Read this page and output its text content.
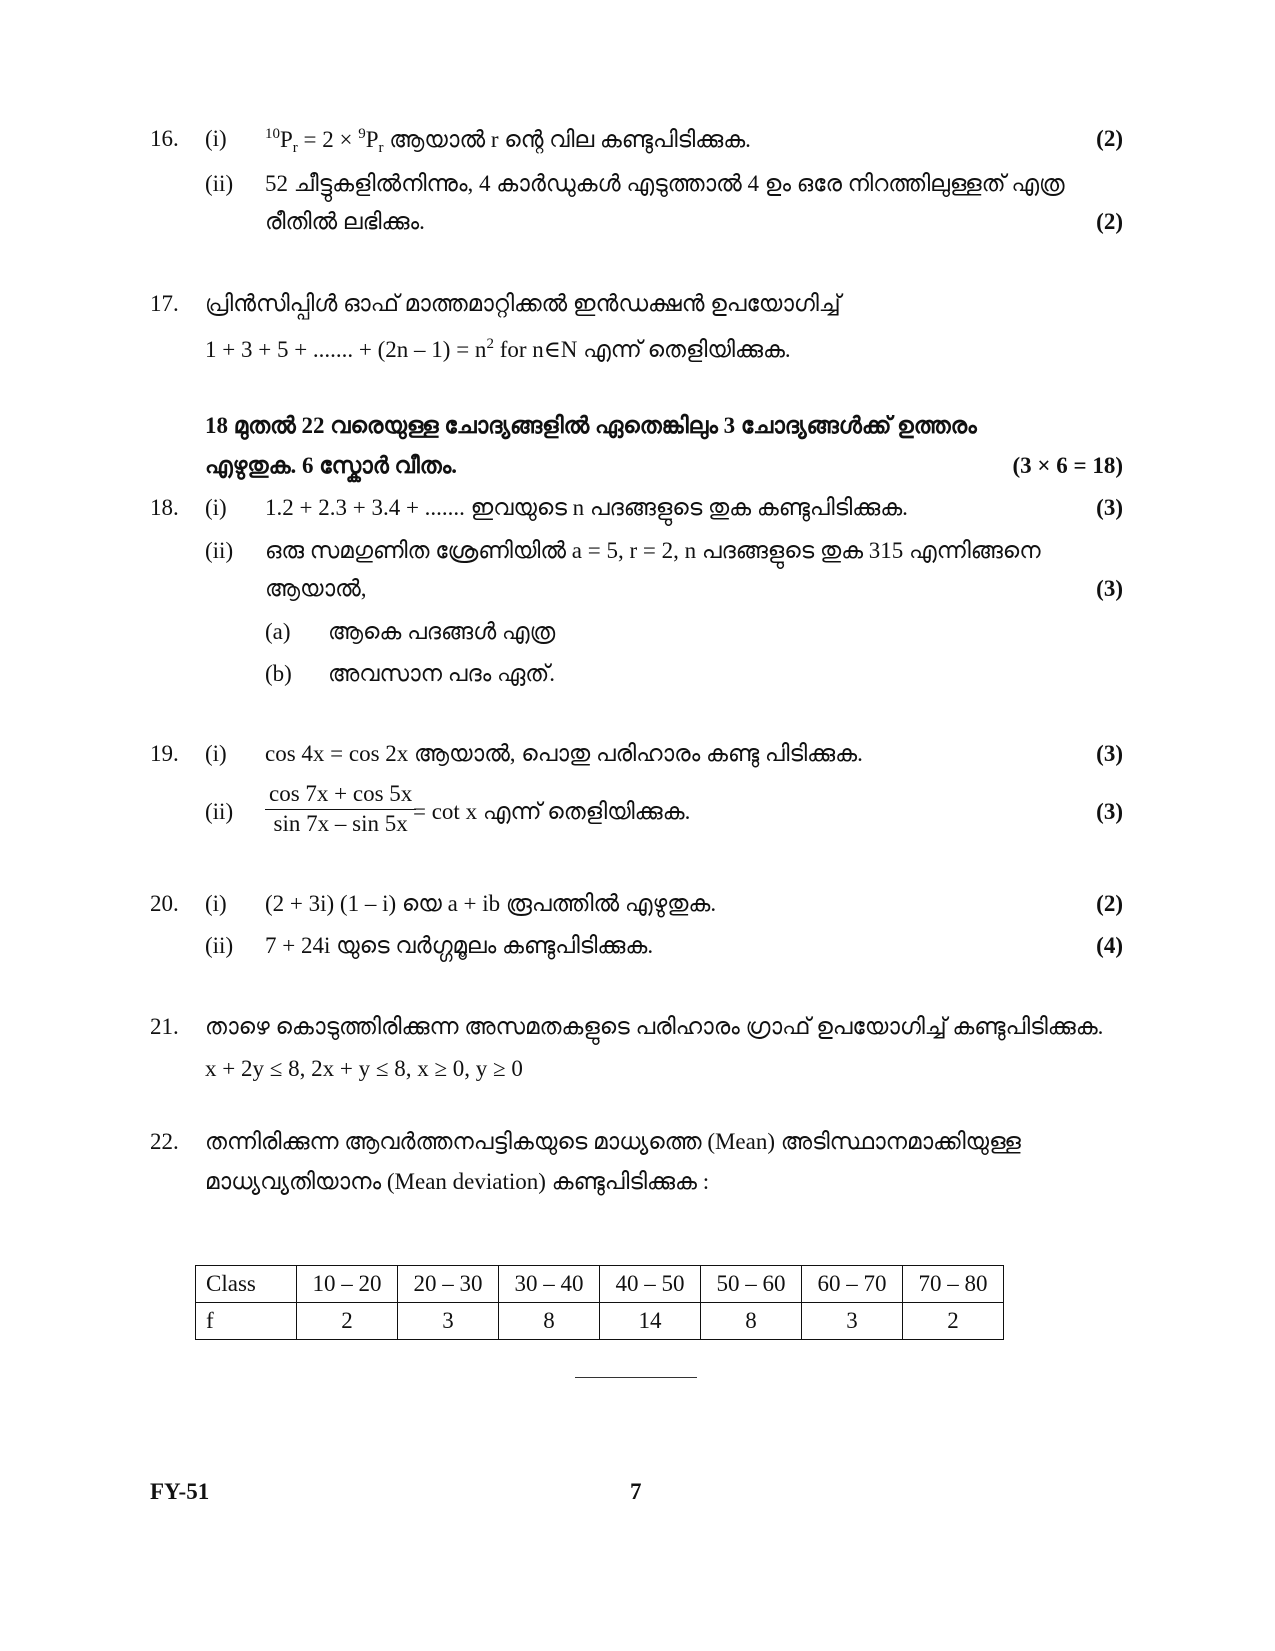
16. (i)	$^{10}P_r = 2 \times ^9P_r$ ആയാൽ r ന്റെ വില കണ്ടുപിടിക്കുക.	(2)
(ii) 52 ചീട്ടുകളിൽനിന്നും, 4 കാർഡുകൾ എടുത്താൽ 4 ഉം ഒരേ നിറത്തിലുള്ളത് എത്ര
രീതിൽ ലഭിക്കും.	(2)
17. പ്രിൻസിപ്പിൾ ഓഫ് മാത്തമാറ്റിക്കൽ ഇൻഡക്ഷൻ ഉപയോഗിച്ച്
1 + 3 + 5 + ....... + $(2n - 1) = n^2$ for n∈N എന്ന് തെളിയിക്കുക.
18 മുതൽ 22 വരെയുള്ള ചോദ്യങ്ങളിൽ ഏതെങ്കിലും 3 ചോദ്യങ്ങൾക്ക് ഉത്തരം
എഴുതുക. 6 സ്കോർ വീതം.	(3 × 6 = 18)
18. (i) 1.2 + 2.3 + 3.4 + ....... ഇവയുടെ n പദങ്ങളുടെ തുക കണ്ടുപിടിക്കുക.	(3)
(ii) ഒരു സമഗുണിത ശ്രേണിയിൽ a = 5, r = 2, n പദങ്ങളുടെ തുക 315 എന്നിങ്ങനെ
ആയാൽ,	(3)
(a) ആകെ പദങ്ങൾ എത്ര
(b) അവസാന പദം ഏത്.
19. (i) cos 4x = cos 2x ആയാൽ, പൊതു പരിഹാരം കണ്ടു പിടിക്കുക.	(3)
$(ii) \frac{\cos 7x + \cos 5x}{\sin 7x - \sin 5x}$
= cot x എന്ന് തെളിയിക്കുക.	(3)
20. (i) (2 + 3i) (1 – i) യെ a + ib രൂപത്തിൽ എഴുതുക.	(2)
(ii) 7 + 24i യുടെ വർഗ്ഗമൂലം കണ്ടുപിടിക്കുക.	(4)
21. താഴെ കൊടുത്തിരിക്കുന്ന അസമതകളുടെ പരിഹാരം ഗ്രാഫ് ഉപയോഗിച്ച് കണ്ടുപിടിക്കുക.
x + 2y ≤ 8, 2x + y ≤ 8, x ≥ 0, y ≥ 0
22. തന്നിരിക്കുന്ന ആവർത്തനപട്ടികയുടെ മാധ്യത്തെ (Mean) അടിസ്ഥാനമാക്കിയുള്ള
മാധ്യവ്യതിയാനം (Mean deviation) കണ്ടുപിടിക്കുക :
Class	10 – 20	20 – 30	30 – 40	40 – 50	50 – 60	60 – 70	70 – 80
f	2	3	8	14	8	3	2
FY-51	7
